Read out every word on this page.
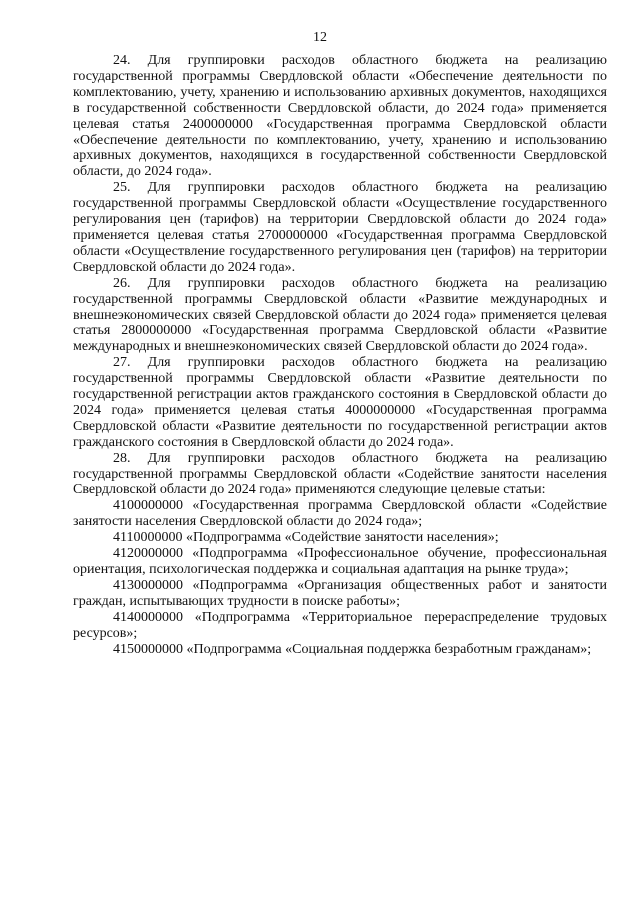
12

24. Для группировки расходов областного бюджета на реализацию государственной программы Свердловской области «Обеспечение деятельности по комплектованию, учету, хранению и использованию архивных документов, находящихся в государственной собственности Свердловской области, до 2024 года» применяется целевая статья 2400000000 «Государственная программа Свердловской области «Обеспечение деятельности по комплектованию, учету, хранению и использованию архивных документов, находящихся в государственной собственности Свердловской области, до 2024 года».

25. Для группировки расходов областного бюджета на реализацию государственной программы Свердловской области «Осуществление государственного регулирования цен (тарифов) на территории Свердловской области до 2024 года» применяется целевая статья 2700000000 «Государственная программа Свердловской области «Осуществление государственного регулирования цен (тарифов) на территории Свердловской области до 2024 года».

26. Для группировки расходов областного бюджета на реализацию государственной программы Свердловской области «Развитие международных и внешнеэкономических связей Свердловской области до 2024 года» применяется целевая статья 2800000000 «Государственная программа Свердловской области «Развитие международных и внешнеэкономических связей Свердловской области до 2024 года».

27. Для группировки расходов областного бюджета на реализацию государственной программы Свердловской области «Развитие деятельности по государственной регистрации актов гражданского состояния в Свердловской области до 2024 года» применяется целевая статья 4000000000 «Государственная программа Свердловской области «Развитие деятельности по государственной регистрации актов гражданского состояния в Свердловской области до 2024 года».

28. Для группировки расходов областного бюджета на реализацию государственной программы Свердловской области «Содействие занятости населения Свердловской области до 2024 года» применяются следующие целевые статьи:

4100000000 «Государственная программа Свердловской области «Содействие занятости населения Свердловской области до 2024 года»;

4110000000 «Подпрограмма «Содействие занятости населения»;

4120000000 «Подпрограмма «Профессиональное обучение, профессиональная ориентация, психологическая поддержка и социальная адаптация на рынке труда»;

4130000000 «Подпрограмма «Организация общественных работ и занятости граждан, испытывающих трудности в поиске работы»;

4140000000 «Подпрограмма «Территориальное перераспределение трудовых ресурсов»;

4150000000 «Подпрограмма «Социальная поддержка безработным гражданам»;
